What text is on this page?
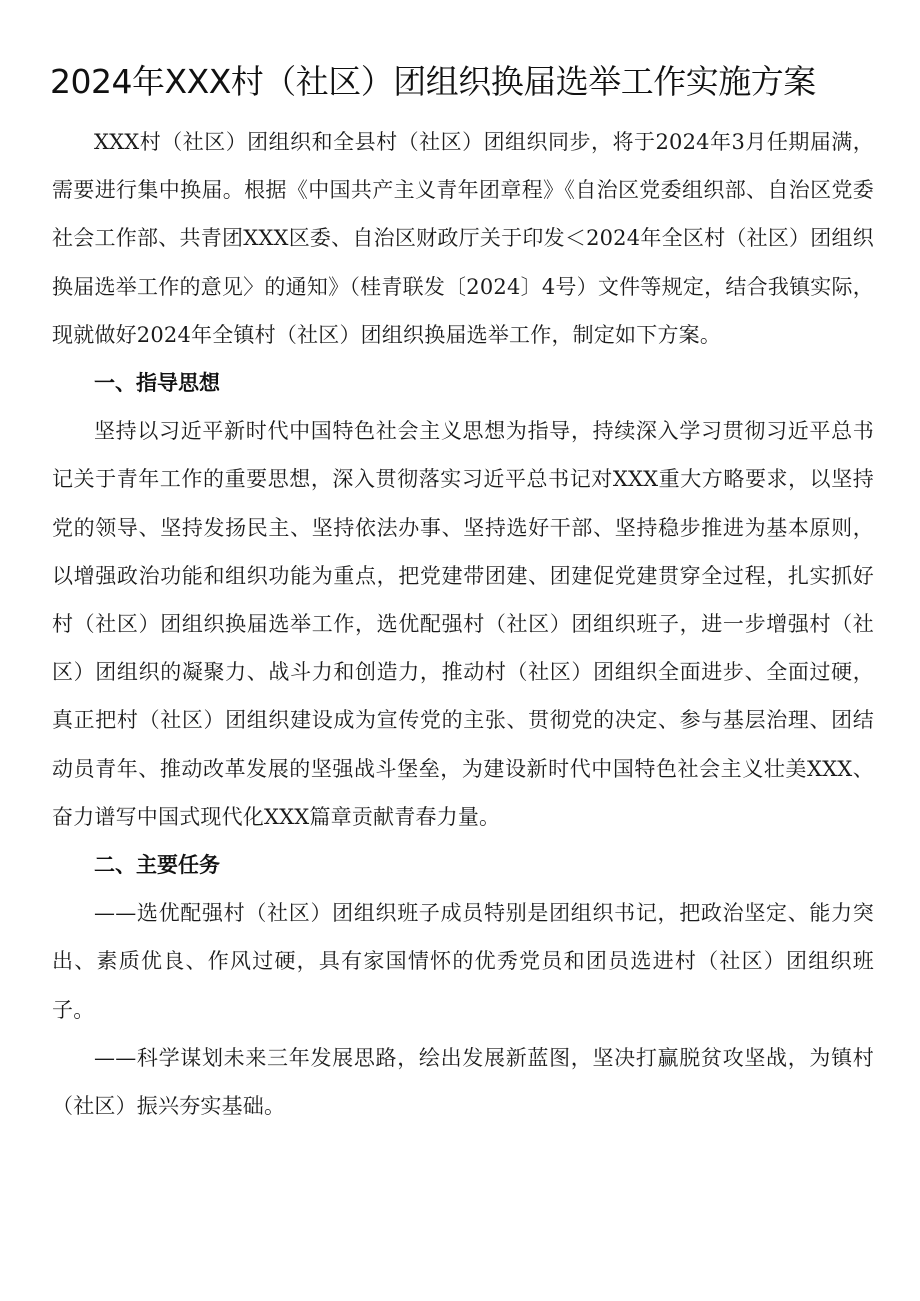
2024年XXX村（社区）团组织换届选举工作实施方案

XXX村（社区）团组织和全县村（社区）团组织同步，将于2024年3月任期届满，需要进行集中换届。根据《中国共产主义青年团章程》《自治区党委组织部、自治区党委社会工作部、共青团XXX区委、自治区财政厅关于印发＜2024年全区村（社区）团组织换届选举工作的意见〉的通知》（桂青联发〔2024〕4号）文件等规定，结合我镇实际，现就做好2024年全镇村（社区）团组织换届选举工作，制定如下方案。

一、指导思想

坚持以习近平新时代中国特色社会主义思想为指导，持续深入学习贯彻习近平总书记关于青年工作的重要思想，深入贯彻落实习近平总书记对XXX重大方略要求，以坚持党的领导、坚持发扬民主、坚持依法办事、坚持选好干部、坚持稳步推进为基本原则，以增强政治功能和组织功能为重点，把党建带团建、团建促党建贯穿全过程，扎实抓好村（社区）团组织换届选举工作，选优配强村（社区）团组织班子，进一步增强村（社区）团组织的凝聚力、战斗力和创造力，推动村（社区）团组织全面进步、全面过硬，真正把村（社区）团组织建设成为宣传党的主张、贯彻党的决定、参与基层治理、团结动员青年、推动改革发展的坚强战斗堡垒，为建设新时代中国特色社会主义壮美XXX、奋力谱写中国式现代化XXX篇章贡献青春力量。

二、主要任务

——选优配强村（社区）团组织班子成员特别是团组织书记，把政治坚定、能力突出、素质优良、作风过硬，具有家国情怀的优秀党员和团员选进村（社区）团组织班子。

——科学谋划未来三年发展思路，绘出发展新蓝图，坚决打赢脱贫攻坚战，为镇村（社区）振兴夯实基础。
